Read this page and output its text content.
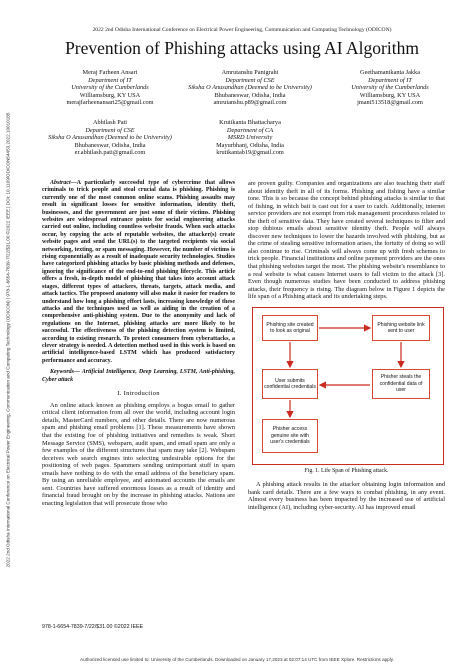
2022 2nd Odisha International Conference on Electrical Power Engineering, Communication and Computing Technology (ODICON) | 978-1-6654-7839-7/22/$31.00 ©2022 IEEE | DOI: 10.1109/ODICON54453.2022.10010185
2022 2nd Odisha International Conference on Electrical Power Engineering, Communication and Computing Technology (ODICON)
Prevention of Phishing attacks using AI Algorithm
Meraj Farheen Ansari
Department of IT
University of the Cumberlands
Williamsburg, KY USA
merajfarheenansari25@gmail.com
Amrutanshu Panigrahi
Department of CSE
Siksha O Anusandhan (Deemed to be University)
Bhubaneswar, Odisha, India
amrutanshu.p89@gmail.com
Geethamanikanta Jakka
Department of IT
University of the Cumberlands
Williamsburg, KY USA
jmani513518@gmail.com
Abhilash Pati
Department of CSE
Siksha O Anusandhan (Deemed to be University)
Bhubaneswar, Odisha, India
er.abhilash.pati@gmail.com
Krutikanta Bhattacharya
Department of CA
MSRD University
Mayurbhanj, Odisha, India
krutikantab19@gmail.com
Abstract—A particularly successful type of cybercrime that allows criminals to trick people and steal crucial data is phishing. Phishing is currently one of the most common online scams. Phishing assaults may result in significant losses for sensitive information, identity theft, businesses, and the government are just some of their victims. Phishing websites are widespread entrance points for social engineering attacks carried out online, including countless website frauds. When such attacks occur, by copying the acts of reputable websites, the attacker(s) create website pages and send the URL(s) to the targeted recipients via social networking, texting, or spam messaging. However, the number of victims is rising exponentially as a result of inadequate security technologies. Studies have categorized phishing attacks by basic phishing methods and defenses, ignoring the significance of the end-to-end phishing lifecycle. This article offers a fresh, in-depth model of phishing that takes into account attack stages, different types of attackers, threats, targets, attack media, and attack tactics. The proposed anatomy will also make it easier for readers to understand how long a phishing effort lasts, increasing knowledge of these attacks and the techniques used as well as aiding in the creation of a comprehensive anti-phishing system. Due to the anonymity and lack of regulations on the Internet, phishing attacks are more likely to be successful. The effectiveness of the phishing detection system is limited, according to existing research. To protect consumers from cyberattacks, a clever strategy is needed. A detection method used in this work is based on artificial intelligence-based LSTM which has produced satisfactory performance and accuracy.
Keywords— Artificial Intelligence, Deep Learning, LSTM, Anti-phishing, Cyber attack
I. Introduction

An online attack known as phishing employs a bogus email to gather critical client information from all over the world, including account login details, MasterCard numbers, and other details. There are now numerous spam and phishing email problems [1]. These measurements have shown that the existing foe of phishing initiatives and remedies is weak. Short Message Service (SMS), websparn, audit spam, and email spam are only a few examples of the different structures that spam may take [2]. Webspam deceives web search engines into selecting undesirable options for the positioning of web pages. Spammers sending unimportant stuff in spam emails have nothing to do with the email address of the beneficiary spam. By using an unreliable employee, and automated accounts the emails are sent. Countries have suffered enormous losses as a result of identity and financial fraud brought on by the increase in phishing attacks. Nations are enacting legislation that will prosecute those who

are proven guilty. Companies and organizations are also teaching their staff about identity theft in all of its forms. Phishing and fishing have a similar tone. This is so because the concept behind phishing attacks is similar to that of fishing, in which bait is cast out for a user to catch. Additionally, internet service providers are not exempt from risk management procedures related to the theft of sensitive data. They have created several techniques to filter and stop dubious emails about sensitive identity theft. People will always discover new techniques to lower the hazards involved with phishing, but as the crime of stealing sensitive information arises, the fortuity of doing so will also continue to rise. Criminals will always come up with fresh schemes to trick people. Financial institutions and online payment providers are the ones that phishing websites target the most. The phishing website's resemblance to a real website is what causes Internet users to fall victim to the attack [3]. Even though numerous studies have been conducted to address phishing attacks, their frequency is rising. The diagram below in Figure 1 depicts the life span of a Phishing attack and its undertaking steps.

Phishing site created to look as original
Phishing website link sent to user
User submits confidential credentials
Phisher steals the confidential data of user
Phisher access genuine site with user's credentials
Fig. 1. Life Span of Phishing attack.

A phishing attack results in the attacker obtaining login information and bank card details. There are a few ways to combat phishing, in any event. Almost every business has been impacted by the increased use of artificial intelligence (AI), including cyber-security. AI has improved email

978-1-6654-7839-7/22/$31.00 ©2022 IEEE
Authorized licensed use limited to: University of the Cumberlands. Downloaded on January 17,2023 at 02:07:14 UTC from IEEE Xplore. Restrictions apply.
